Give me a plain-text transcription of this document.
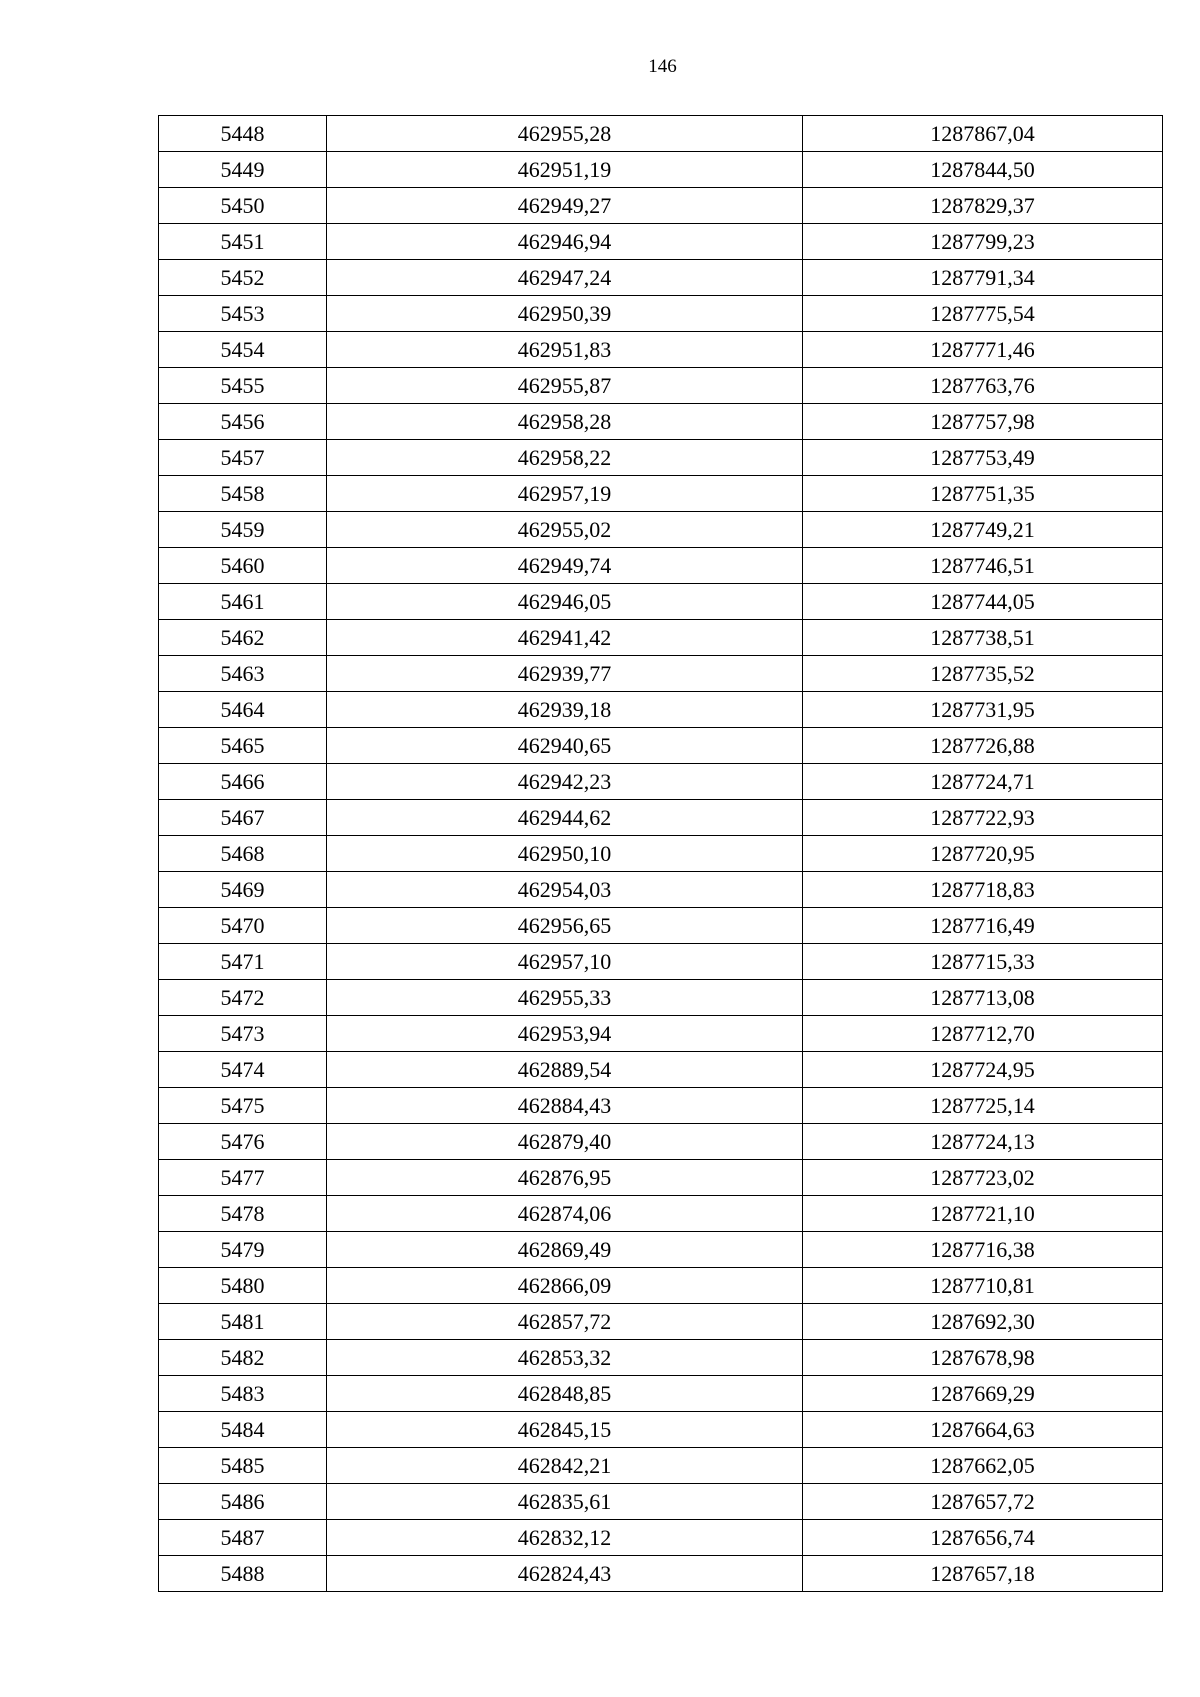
146
5448	462955,28	1287867,04
5449	462951,19	1287844,50
5450	462949,27	1287829,37
5451	462946,94	1287799,23
5452	462947,24	1287791,34
5453	462950,39	1287775,54
5454	462951,83	1287771,46
5455	462955,87	1287763,76
5456	462958,28	1287757,98
5457	462958,22	1287753,49
5458	462957,19	1287751,35
5459	462955,02	1287749,21
5460	462949,74	1287746,51
5461	462946,05	1287744,05
5462	462941,42	1287738,51
5463	462939,77	1287735,52
5464	462939,18	1287731,95
5465	462940,65	1287726,88
5466	462942,23	1287724,71
5467	462944,62	1287722,93
5468	462950,10	1287720,95
5469	462954,03	1287718,83
5470	462956,65	1287716,49
5471	462957,10	1287715,33
5472	462955,33	1287713,08
5473	462953,94	1287712,70
5474	462889,54	1287724,95
5475	462884,43	1287725,14
5476	462879,40	1287724,13
5477	462876,95	1287723,02
5478	462874,06	1287721,10
5479	462869,49	1287716,38
5480	462866,09	1287710,81
5481	462857,72	1287692,30
5482	462853,32	1287678,98
5483	462848,85	1287669,29
5484	462845,15	1287664,63
5485	462842,21	1287662,05
5486	462835,61	1287657,72
5487	462832,12	1287656,74
5488	462824,43	1287657,18
